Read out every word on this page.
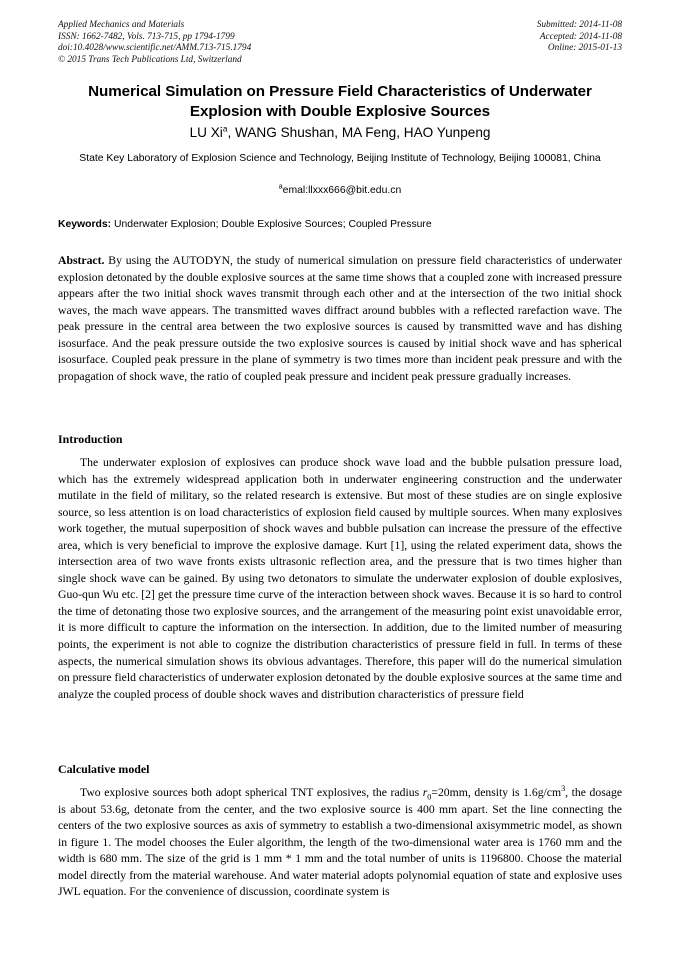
Applied Mechanics and Materials
ISSN: 1662-7482, Vols. 713-715, pp 1794-1799
doi:10.4028/www.scientific.net/AMM.713-715.1794
© 2015 Trans Tech Publications Ltd, Switzerland
Submitted: 2014-11-08
Accepted: 2014-11-08
Online: 2015-01-13
Numerical Simulation on Pressure Field Characteristics of Underwater Explosion with Double Explosive Sources
LU Xi$^a$, WANG Shushan, MA Feng, HAO Yunpeng
State Key Laboratory of Explosion Science and Technology, Beijing Institute of Technology, Beijing 100081, China
$^a$emal:llxxx666@bit.edu.cn
Keywords: Underwater Explosion; Double Explosive Sources; Coupled Pressure
Abstract. By using the AUTODYN, the study of numerical simulation on pressure field characteristics of underwater explosion detonated by the double explosive sources at the same time shows that a coupled zone with increased pressure appears after the two initial shock waves transmit through each other and at the intersection of the two initial shock waves, the mach wave appears. The transmitted waves diffract around bubbles with a reflected rarefaction wave. The peak pressure in the central area between the two explosive sources is caused by transmitted wave and has dishing isosurface. And the peak pressure outside the two explosive sources is caused by initial shock wave and has spherical isosurface. Coupled peak pressure in the plane of symmetry is two times more than incident peak pressure and with the propagation of shock wave, the ratio of coupled peak pressure and incident peak pressure gradually increases.
Introduction
The underwater explosion of explosives can produce shock wave load and the bubble pulsation pressure load, which has the extremely widespread application both in underwater engineering construction and the underwater mutilate in the field of military, so the related research is extensive. But most of these studies are on single explosive source, so less attention is on load characteristics of explosion field caused by multiple sources. When many explosives work together, the mutual superposition of shock waves and bubble pulsation can increase the pressure of the effective area, which is very beneficial to improve the explosive damage. Kurt [1], using the related experiment data, shows the intersection area of two wave fronts exists ultrasonic reflection area, and the pressure that is two times higher than single shock wave can be gained. By using two detonators to simulate the underwater explosion of double explosives, Guo-qun Wu etc. [2] get the pressure time curve of the interaction between shock waves. Because it is so hard to control the time of detonating those two explosive sources, and the arrangement of the measuring point exist unavoidable error, it is more difficult to capture the information on the intersection. In addition, due to the limited number of measuring points, the experiment is not able to cognize the distribution characteristics of pressure field in full. In terms of these aspects, the numerical simulation shows its obvious advantages. Therefore, this paper will do the numerical simulation on pressure field characteristics of underwater explosion detonated by the double explosive sources at the same time and analyze the coupled process of double shock waves and distribution characteristics of pressure field
Calculative model
Two explosive sources both adopt spherical TNT explosives, the radius $r_0=20mm$, density is $1.6g/cm^3$, the dosage is about 53.6g, detonate from the center, and the two explosive source is 400 mm apart. Set the line connecting the centers of the two explosive sources as axis of symmetry to establish a two-dimensional axisymmetric model, as shown in figure 1. The model chooses the Euler algorithm, the length of the two-dimensional water area is 1760 mm and the width is 680 mm. The size of the grid is 1 mm * 1 mm and the total number of units is 1196800. Choose the material model directly from the material warehouse. And water material adopts polynomial equation of state and explosive uses JWL equation. For the convenience of discussion, coordinate system is
